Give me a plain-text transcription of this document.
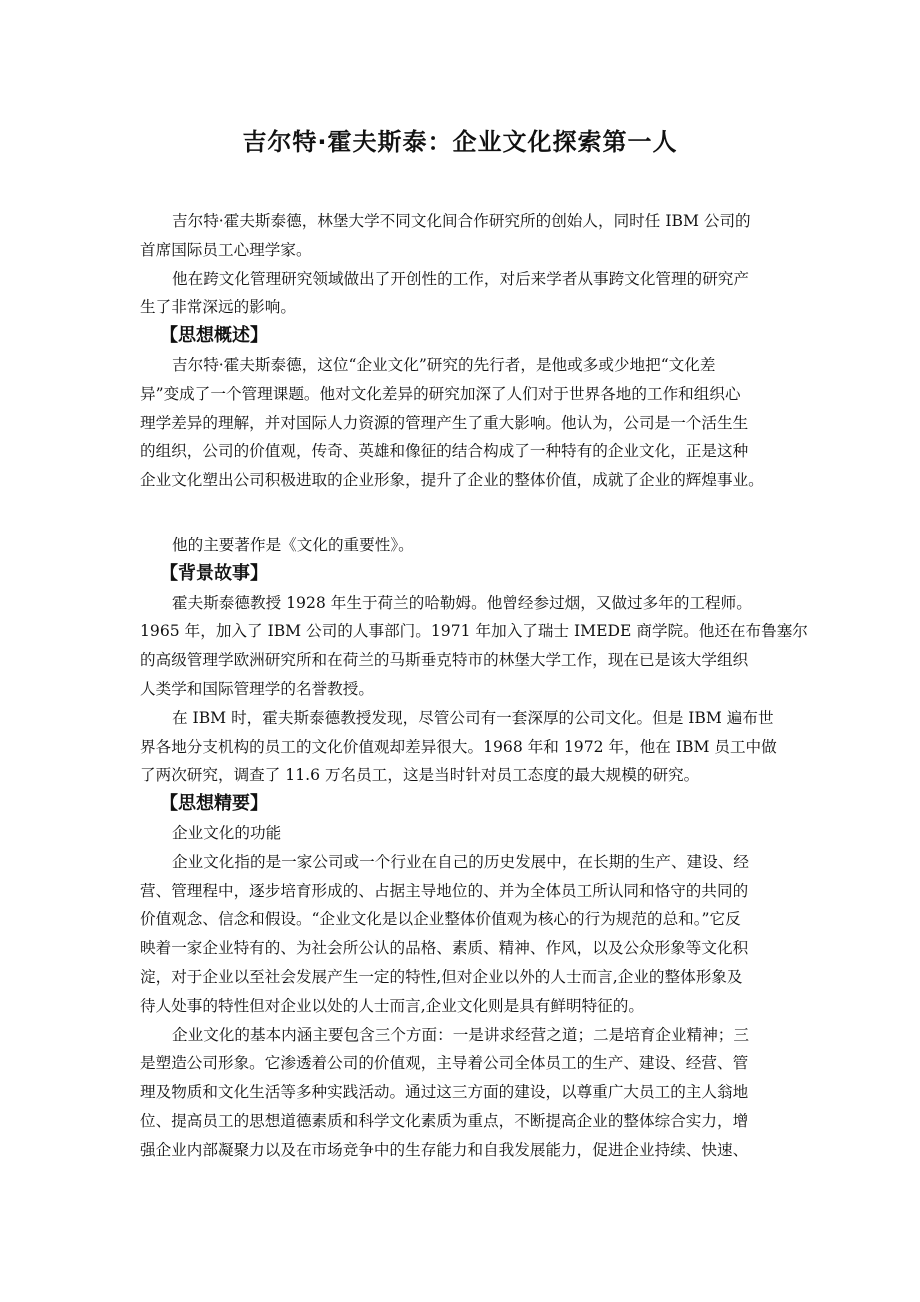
吉尔特·霍夫斯泰：企业文化探索第一人
吉尔特·霍夫斯泰德，林堡大学不同文化间合作研究所的创始人，同时任 IBM 公司的
首席国际员工心理学家。
他在跨文化管理研究领域做出了开创性的工作，对后来学者从事跨文化管理的研究产
生了非常深远的影响。
【思想概述】
吉尔特·霍夫斯泰德，这位“企业文化”研究的先行者，是他或多或少地把“文化差
异”变成了一个管理课题。他对文化差异的研究加深了人们对于世界各地的工作和组织心
理学差异的理解，并对国际人力资源的管理产生了重大影响。他认为，公司是一个活生生
的组织，公司的价值观，传奇、英雄和像征的结合构成了一种特有的企业文化，正是这种
企业文化塑出公司积极进取的企业形象，提升了企业的整体价值，成就了企业的辉煌事业。
他的主要著作是《文化的重要性》。
【背景故事】
霍夫斯泰德教授 1928 年生于荷兰的哈勒姆。他曾经参过烟，又做过多年的工程师。
1965 年，加入了 IBM 公司的人事部门。1971 年加入了瑞士 IMEDE 商学院。他还在布鲁塞尔
的高级管理学欧洲研究所和在荷兰的马斯垂克特市的林堡大学工作，现在已是该大学组织
人类学和国际管理学的名誉教授。
在 IBM 时，霍夫斯泰德教授发现，尽管公司有一套深厚的公司文化。但是 IBM 遍布世
界各地分支机构的员工的文化价值观却差异很大。1968 年和 1972 年，他在 IBM 员工中做
了两次研究，调查了 11.6 万名员工，这是当时针对员工态度的最大规模的研究。
【思想精要】
企业文化的功能
企业文化指的是一家公司或一个行业在自己的历史发展中，在长期的生产、建设、经
营、管理程中，逐步培育形成的、占据主导地位的、并为全体员工所认同和恪守的共同的
价值观念、信念和假设。“企业文化是以企业整体价值观为核心的行为规范的总和。”它反
映着一家企业特有的、为社会所公认的品格、素质、精神、作风，以及公众形象等文化积
淀，对于企业以至社会发展产生一定的特性,但对企业以外的人士而言,企业的整体形象及
待人处事的特性但对企业以处的人士而言,企业文化则是具有鲜明特征的。
企业文化的基本内涵主要包含三个方面：一是讲求经营之道；二是培育企业精神；三
是塑造公司形象。它渗透着公司的价值观，主导着公司全体员工的生产、建设、经营、管
理及物质和文化生活等多种实践活动。通过这三方面的建设，以尊重广大员工的主人翁地
位、提高员工的思想道德素质和科学文化素质为重点，不断提高企业的整体综合实力，增
强企业内部凝聚力以及在市场竞争中的生存能力和自我发展能力，促进企业持续、快速、
